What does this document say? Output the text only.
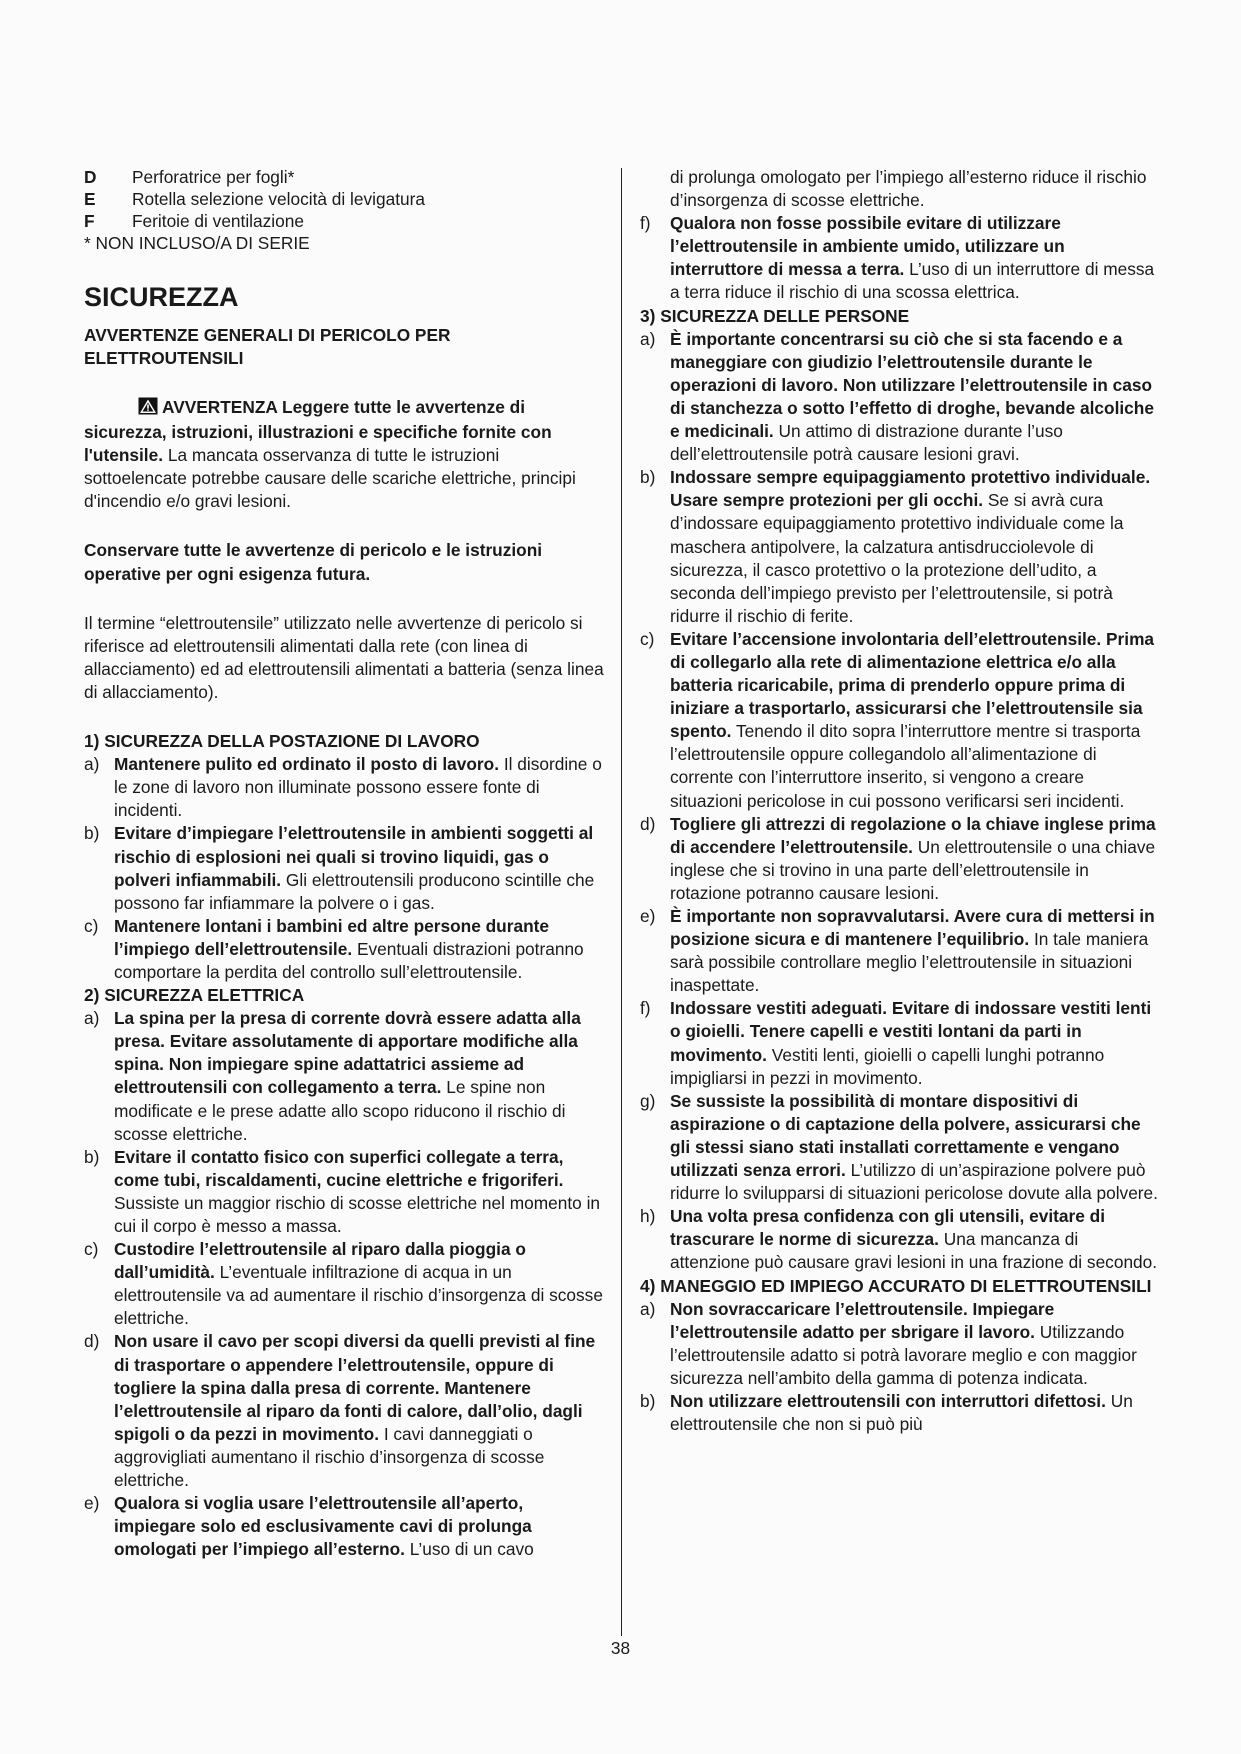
D Perforatrice per fogli*
E Rotella selezione velocità di levigatura
F Feritoie di ventilazione
* NON INCLUSO/A DI SERIE
SICUREZZA
AVVERTENZE GENERALI DI PERICOLO PER
ELETTROUTENSILI

AVVERTENZA Leggere tutte le avvertenze di sicurezza, istruzioni, illustrazioni e specifiche fornite con l'utensile. La mancata osservanza di tutte le istruzioni sottoelencate potrebbe causare delle scariche elettriche, principi d'incendio e/o gravi lesioni.

Conservare tutte le avvertenze di pericolo e le istruzioni operative per ogni esigenza futura.

Il termine “elettroutensile” utilizzato nelle avvertenze di pericolo si riferisce ad elettroutensili alimentati dalla rete (con linea di allacciamento) ed ad elettroutensili alimentati a batteria (senza linea di allacciamento).

1) SICUREZZA DELLA POSTAZIONE DI LAVORO

a) Mantenere pulito ed ordinato il posto di lavoro. Il disordine o le zone di lavoro non illuminate possono essere fonte di incidenti.

b) Evitare d’impiegare l’elettroutensile in ambienti soggetti al rischio di esplosioni nei quali si trovino liquidi, gas o polveri infiammabili. Gli elettroutensili producono scintille che possono far infiammare la polvere o i gas.

c) Mantenere lontani i bambini ed altre persone durante l’impiego dell’elettroutensile. Eventuali distrazioni potranno comportare la perdita del controllo sull’elettroutensile.

2) SICUREZZA ELETTRICA

a) La spina per la presa di corrente dovrà essere adatta alla presa. Evitare assolutamente di apportare modifiche alla spina. Non impiegare spine adattatrici assieme ad elettroutensili con collegamento a terra. Le spine non modificate e le prese adatte allo scopo riducono il rischio di scosse elettriche.

b) Evitare il contatto fisico con superfici collegate a terra, come tubi, riscaldamenti, cucine elettriche e frigoriferi. Sussiste un maggior rischio di scosse elettriche nel momento in cui il corpo è messo a massa.

c) Custodire l’elettroutensile al riparo dalla pioggia o dall’umidità. L’eventuale infiltrazione di acqua in un elettroutensile va ad aumentare il rischio d’insorgenza di scosse elettriche.

d) Non usare il cavo per scopi diversi da quelli previsti al fine di trasportare o appendere l’elettroutensile, oppure di togliere la spina dalla presa di corrente. Mantenere l’elettroutensile al riparo da fonti di calore, dall’olio, dagli spigoli o da pezzi in movimento. I cavi danneggiati o aggrovigliati aumentano il rischio d’insorgenza di scosse elettriche.

e) Qualora si voglia usare l’elettroutensile all’aperto, impiegare solo ed esclusivamente cavi di prolunga omologati per l’impiego all’esterno. L’uso di un cavo

di prolunga omologato per l’impiego all’esterno riduce il rischio d’insorgenza di scosse elettriche.

f) Qualora non fosse possibile evitare di utilizzare l’elettroutensile in ambiente umido, utilizzare un interruttore di messa a terra. L’uso di un interruttore di messa a terra riduce il rischio di una scossa elettrica.

3) SICUREZZA DELLE PERSONE

a) È importante concentrarsi su ciò che si sta facendo e a maneggiare con giudizio l’elettroutensile durante le operazioni di lavoro. Non utilizzare l’elettroutensile in caso di stanchezza o sotto l’effetto di droghe, bevande alcoliche e medicinali. Un attimo di distrazione durante l’uso dell’elettroutensile potrà causare lesioni gravi.

b) Indossare sempre equipaggiamento protettivo individuale. Usare sempre protezioni per gli occhi. Se si avrà cura d’indossare equipaggiamento protettivo individuale come la maschera antipolvere, la calzatura antisdrucciolevole di sicurezza, il casco protettivo o la protezione dell’udito, a seconda dell’impiego previsto per l’elettroutensile, si potrà ridurre il rischio di ferite.

c) Evitare l’accensione involontaria dell’elettroutensile. Prima di collegarlo alla rete di alimentazione elettrica e/o alla batteria ricaricabile, prima di prenderlo oppure prima di iniziare a trasportarlo, assicurarsi che l’elettroutensile sia spento. Tenendo il dito sopra l’interruttore mentre si trasporta l’elettroutensile oppure collegandolo all’alimentazione di corrente con l’interruttore inserito, si vengono a creare situazioni pericolose in cui possono verificarsi seri incidenti.

d) Togliere gli attrezzi di regolazione o la chiave inglese prima di accendere l’elettroutensile. Un elettroutensile o una chiave inglese che si trovino in una parte dell’elettroutensile in rotazione potranno causare lesioni.

e) È importante non sopravvalutarsi. Avere cura di mettersi in posizione sicura e di mantenere l’equilibrio. In tale maniera sarà possibile controllare meglio l’elettroutensile in situazioni inaspettate.

f) Indossare vestiti adeguati. Evitare di indossare vestiti lenti o gioielli. Tenere capelli e vestiti lontani da parti in movimento. Vestiti lenti, gioielli o capelli lunghi potranno impigliarsi in pezzi in movimento.

g) Se sussiste la possibilità di montare dispositivi di aspirazione o di captazione della polvere, assicurarsi che gli stessi siano stati installati correttamente e vengano utilizzati senza errori. L’utilizzo di un’aspirazione polvere può ridurre lo svilupparsi di situazioni pericolose dovute alla polvere.

h) Una volta presa confidenza con gli utensili, evitare di trascurare le norme di sicurezza. Una mancanza di attenzione può causare gravi lesioni in una frazione di secondo.

4) MANEGGIO ED IMPIEGO ACCURATO DI ELETTROUTENSILI

a) Non sovraccaricare l’elettroutensile. Impiegare l’elettroutensile adatto per sbrigare il lavoro. Utilizzando l’elettroutensile adatto si potrà lavorare meglio e con maggior sicurezza nell’ambito della gamma di potenza indicata.

b) Non utilizzare elettroutensili con interruttori difettosi. Un elettroutensile che non si può più

38
